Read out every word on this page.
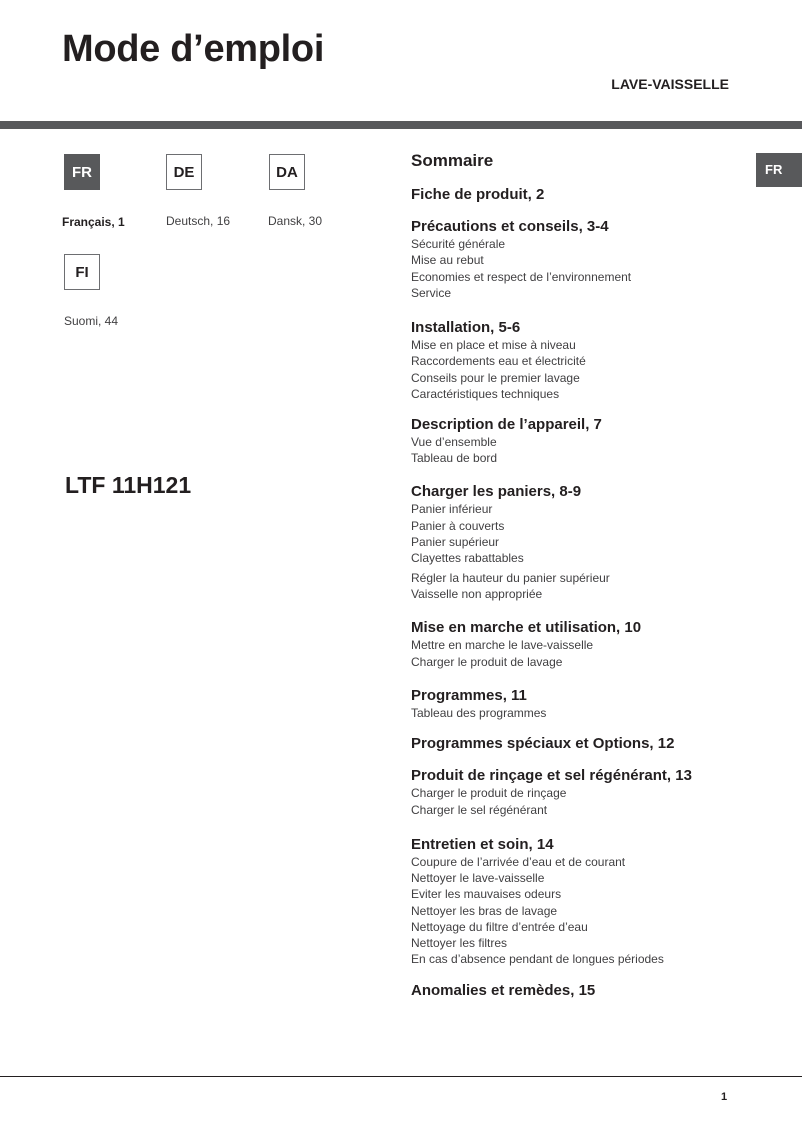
Mode d’emploi
LAVE-VAISSELLE
FR
Français, 1
DE
Deutsch, 16
DA
Dansk, 30
FI
Suomi, 44
LTF 11H121
FR
Sommaire
Fiche de produit, 2
Précautions et conseils, 3-4
Sécurité générale
Mise au rebut
Economies et respect de l’environnement
Service
Installation, 5-6
Mise en place et mise à niveau
Raccordements eau et électricité
Conseils pour le premier lavage
Caractéristiques techniques
Description de l’appareil, 7
Vue d’ensemble
Tableau de bord
Charger les paniers, 8-9
Panier inférieur
Panier à couverts
Panier supérieur
Clayettes rabattables
Régler la hauteur du panier supérieur
Vaisselle non appropriée
Mise en marche et utilisation, 10
Mettre en marche le lave-vaisselle
Charger le produit de lavage
Programmes, 11
Tableau des programmes
Programmes spéciaux et Options, 12
Produit de rinçage et sel régénérant, 13
Charger le produit de rinçage
Charger le sel régénérant
Entretien et soin, 14
Coupure de l’arrivée d’eau et de courant
Nettoyer le lave-vaisselle
Eviter les mauvaises odeurs
Nettoyer les bras de lavage
Nettoyage du filtre d’entrée d’eau
Nettoyer les filtres
En cas d’absence pendant de longues périodes
Anomalies et remèdes, 15
1
